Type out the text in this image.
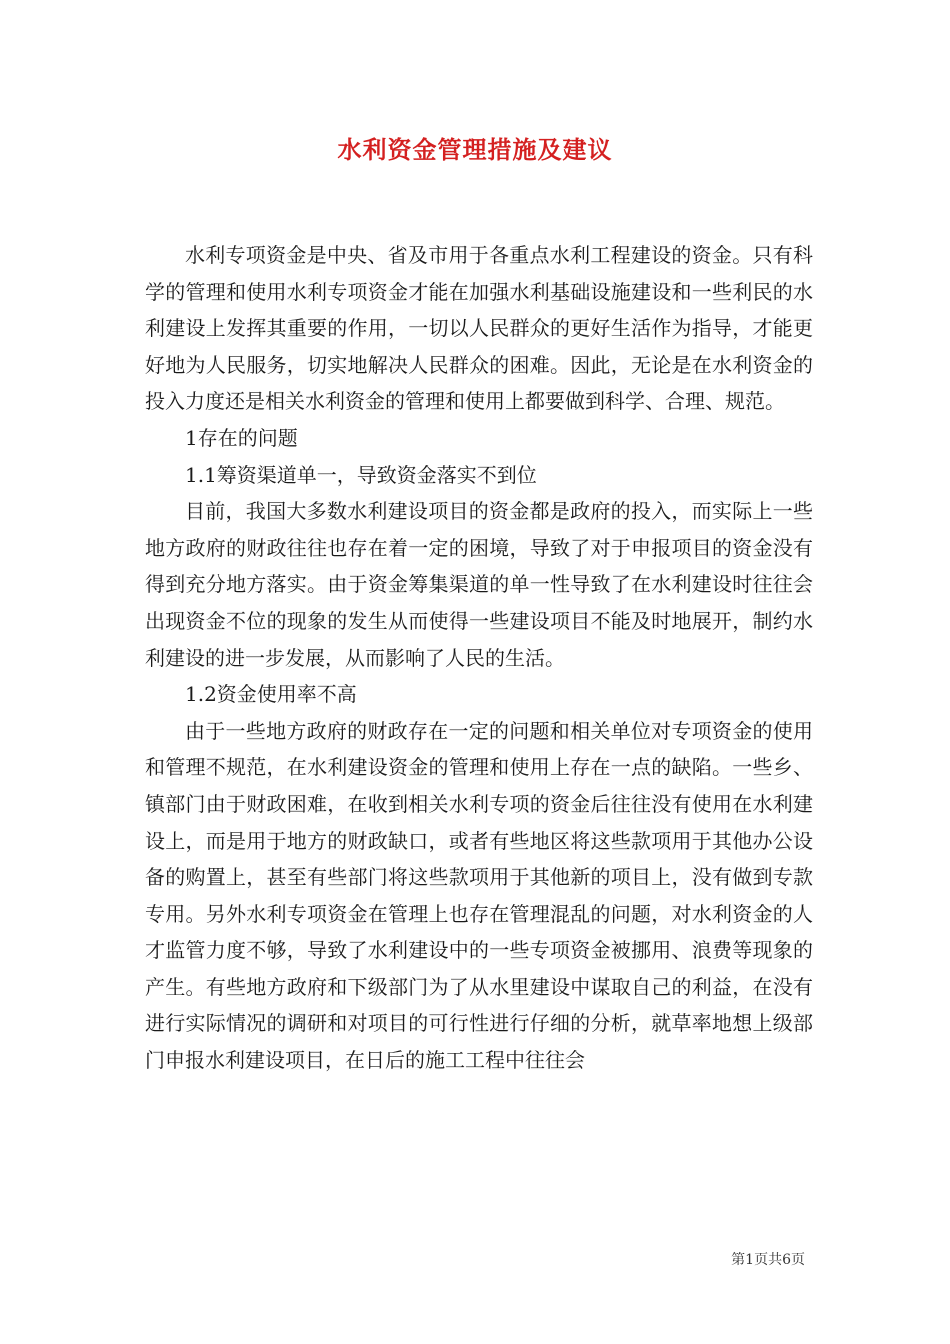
水利资金管理措施及建议

水利专项资金是中央、省及市用于各重点水利工程建设的资金。只有科学的管理和使用水利专项资金才能在加强水利基础设施建设和一些利民的水利建设上发挥其重要的作用，一切以人民群众的更好生活作为指导，才能更好地为人民服务，切实地解决人民群众的困难。因此，无论是在水利资金的投入力度还是相关水利资金的管理和使用上都要做到科学、合理、规范。

1存在的问题

1.1筹资渠道单一，导致资金落实不到位

目前，我国大多数水利建设项目的资金都是政府的投入，而实际上一些地方政府的财政往往也存在着一定的困境，导致了对于申报项目的资金没有得到充分地方落实。由于资金筹集渠道的单一性导致了在水利建设时往往会出现资金不位的现象的发生从而使得一些建设项目不能及时地展开，制约水利建设的进一步发展，从而影响了人民的生活。

1.2资金使用率不高

由于一些地方政府的财政存在一定的问题和相关单位对专项资金的使用和管理不规范，在水利建设资金的管理和使用上存在一点的缺陷。一些乡、镇部门由于财政困难，在收到相关水利专项的资金后往往没有使用在水利建设上，而是用于地方的财政缺口，或者有些地区将这些款项用于其他办公设备的购置上，甚至有些部门将这些款项用于其他新的项目上，没有做到专款专用。另外水利专项资金在管理上也存在管理混乱的问题，对水利资金的人才监管力度不够，导致了水利建设中的一些专项资金被挪用、浪费等现象的产生。有些地方政府和下级部门为了从水里建设中谋取自己的利益，在没有进行实际情况的调研和对项目的可行性进行仔细的分析，就草率地想上级部门申报水利建设项目，在日后的施工工程中往往会

第1页共6页
